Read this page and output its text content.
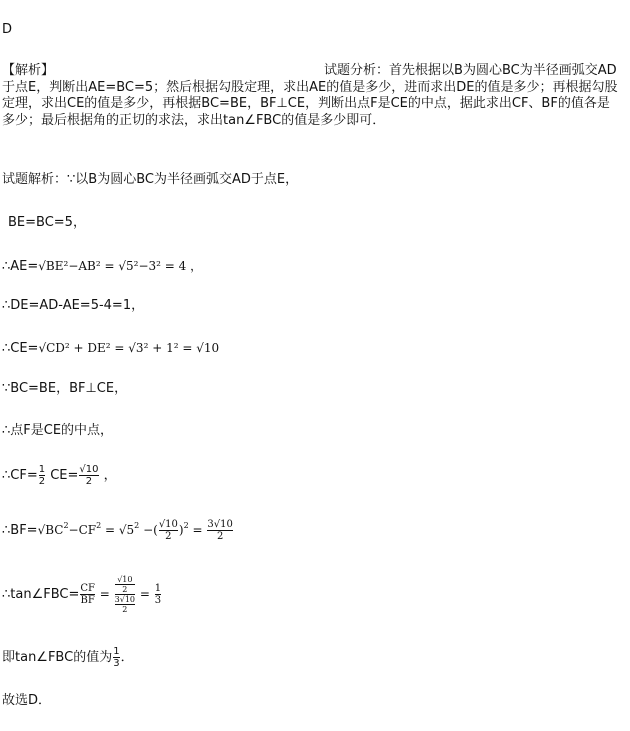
D
【解析】	试题分析：首先根据以B为圆心BC为半径画弧交AD于点E，判断出AE=BC=5；然后根据勾股定理，求出AE的值是多少，进而求出DE的值是多少；再根据勾股定理，求出CE的值是多少，再根据BC=BE，BF⊥CE，判断出点F是CE的中点，据此求出CF、BF的值各是多少；最后根据角的正切的求法，求出tan∠FBC的值是多少即可．
试题解析：∵以B为圆心BC为半径画弧交AD于点E，
BE=BC=5，
∴AE=√BE²−AB² = √5²−3² = 4 ，
∴DE=AD-AE=5-4=1，
∴CE=√CD² + DE² = √3² + 1² = √10
∵BC=BE，BF⊥CE，
∴点F是CE的中点，
∴CF= $\frac{1}{2} CE= \frac{√10}{2}$ ，
$\therefore BF=√BC^2-CF^2 = √5^2$ −( $\frac{√10}{2} )^2 = \frac{3√10}{2}$
∴tan∠FBC= $\frac{CF}{BF}$ =
√10
2
3√10
2
= $\frac{1}{3}$
即tan∠FBC的值为 $\frac{1}{3}$ ．
故选D．
